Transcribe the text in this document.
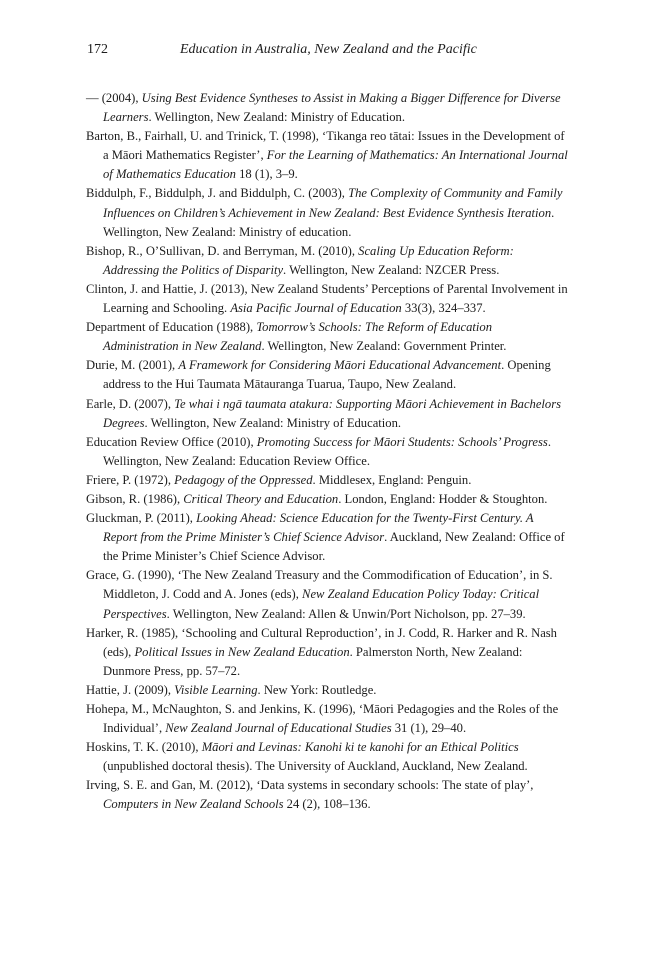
172	Education in Australia, New Zealand and the Pacific
— (2004), Using Best Evidence Syntheses to Assist in Making a Bigger Difference for Diverse Learners. Wellington, New Zealand: Ministry of Education.
Barton, B., Fairhall, U. and Trinick, T. (1998), ‘Tikanga reo tātai: Issues in the Development of a Māori Mathematics Register’, For the Learning of Mathematics: An International Journal of Mathematics Education 18 (1), 3–9.
Biddulph, F., Biddulph, J. and Biddulph, C. (2003), The Complexity of Community and Family Influences on Children’s Achievement in New Zealand: Best Evidence Synthesis Iteration. Wellington, New Zealand: Ministry of education.
Bishop, R., O’Sullivan, D. and Berryman, M. (2010), Scaling Up Education Reform: Addressing the Politics of Disparity. Wellington, New Zealand: NZCER Press.
Clinton, J. and Hattie, J. (2013), New Zealand Students’ Perceptions of Parental Involvement in Learning and Schooling. Asia Pacific Journal of Education 33(3), 324–337.
Department of Education (1988), Tomorrow’s Schools: The Reform of Education Administration in New Zealand. Wellington, New Zealand: Government Printer.
Durie, M. (2001), A Framework for Considering Māori Educational Advancement. Opening address to the Hui Taumata Mātauranga Tuarua, Taupo, New Zealand.
Earle, D. (2007), Te whai i ngā taumata atakura: Supporting Māori Achievement in Bachelors Degrees. Wellington, New Zealand: Ministry of Education.
Education Review Office (2010), Promoting Success for Māori Students: Schools’ Progress. Wellington, New Zealand: Education Review Office.
Friere, P. (1972), Pedagogy of the Oppressed. Middlesex, England: Penguin.
Gibson, R. (1986), Critical Theory and Education. London, England: Hodder & Stoughton.
Gluckman, P. (2011), Looking Ahead: Science Education for the Twenty-First Century. A Report from the Prime Minister’s Chief Science Advisor. Auckland, New Zealand: Office of the Prime Minister’s Chief Science Advisor.
Grace, G. (1990), ‘The New Zealand Treasury and the Commodification of Education’, in S. Middleton, J. Codd and A. Jones (eds), New Zealand Education Policy Today: Critical Perspectives. Wellington, New Zealand: Allen & Unwin/Port Nicholson, pp. 27–39.
Harker, R. (1985), ‘Schooling and Cultural Reproduction’, in J. Codd, R. Harker and R. Nash (eds), Political Issues in New Zealand Education. Palmerston North, New Zealand: Dunmore Press, pp. 57–72.
Hattie, J. (2009), Visible Learning. New York: Routledge.
Hohepa, M., McNaughton, S. and Jenkins, K. (1996), ‘Māori Pedagogies and the Roles of the Individual’, New Zealand Journal of Educational Studies 31 (1), 29–40.
Hoskins, T. K. (2010), Māori and Levinas: Kanohi ki te kanohi for an Ethical Politics (unpublished doctoral thesis). The University of Auckland, Auckland, New Zealand.
Irving, S. E. and Gan, M. (2012), ‘Data systems in secondary schools: The state of play’, Computers in New Zealand Schools 24 (2), 108–136.
